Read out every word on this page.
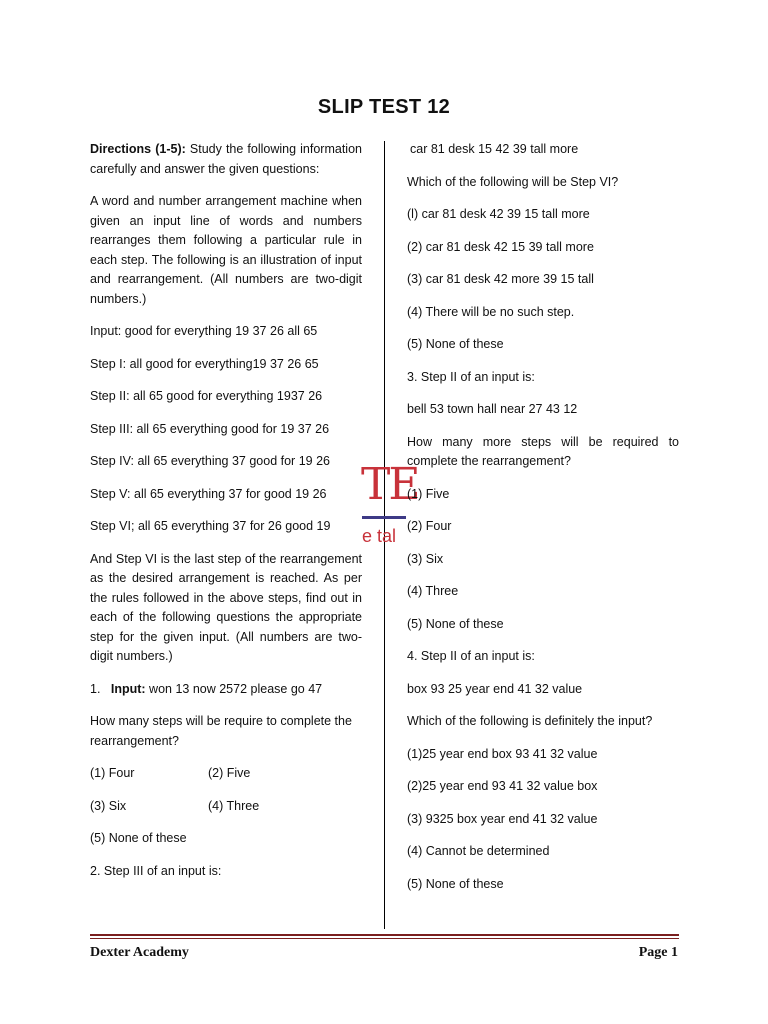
SLIP TEST 12

Directions (1-5): Study the following information carefully and answer the given questions:

A word and number arrangement machine when given an input line of words and numbers rearranges them following a particular rule in each step. The following is an illustration of input and rearrangement. (All numbers are two-digit numbers.)

Input: good for everything 19 37 26 all 65

Step I: all good for everything19 37 26 65

Step II: all 65 good for everything 1937 26

Step III: all 65 everything good for 19 37 26

Step IV: all 65 everything 37 good for 19 26

Step V: all 65 everything 37 for good 19 26

Step VI; all 65 everything 37 for 26 good 19

And Step VI is the last step of the rearrangement as the desired arrangement is reached. As per the rules followed in the above steps, find out in each of the following questions the appropriate step for the given input. (All numbers are two-digit numbers.)

1. Input: won 13 now 2572 please go 47

How many steps will be require to complete the rearrangement?

(1) Four	(2) Five

(3) Six	(4) Three

(5) None of these

2. Step III of an input is:

TE
e tal

car 81 desk 15 42 39 tall more

Which of the following will be Step VI?

(l) car 81 desk 42 39 15 tall more

(2) car 81 desk 42 15 39 tall more

(3) car 81 desk 42 more 39 15 tall

(4) There will be no such step.

(5) None of these

3. Step II of an input is:

bell 53 town hall near 27 43 12

How many more steps will be required to complete the rearrangement?

(1) Five

(2) Four

(3) Six

(4) Three

(5) None of these

4. Step II of an input is:

box 93 25 year end 41 32 value

Which of the following is definitely the input?

(1)25 year end box 93 41 32 value

(2)25 year end 93 41 32 value box

(3) 9325 box year end 41 32 value

(4) Cannot be determined

(5) None of these

Dexter Academy	Page 1
